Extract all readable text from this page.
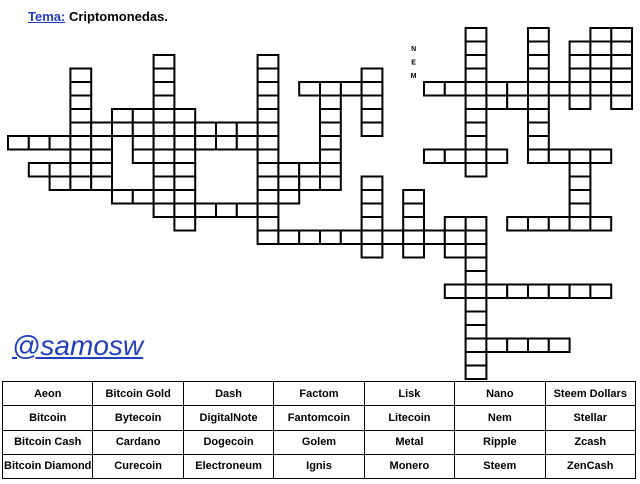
Tema: Criptomonedas.
N
E
M
@samosw
Aeon	Bitcoin Gold	Dash	Factom	Lisk	Nano	Steem Dollars
Bitcoin	Bytecoin	DigitalNote	Fantomcoin	Litecoin	Nem	Stellar
Bitcoin Cash	Cardano	Dogecoin	Golem	Metal	Ripple	Zcash
Bitcoin Diamond	Curecoin	Electroneum	Ignis	Monero	Steem	ZenCash
